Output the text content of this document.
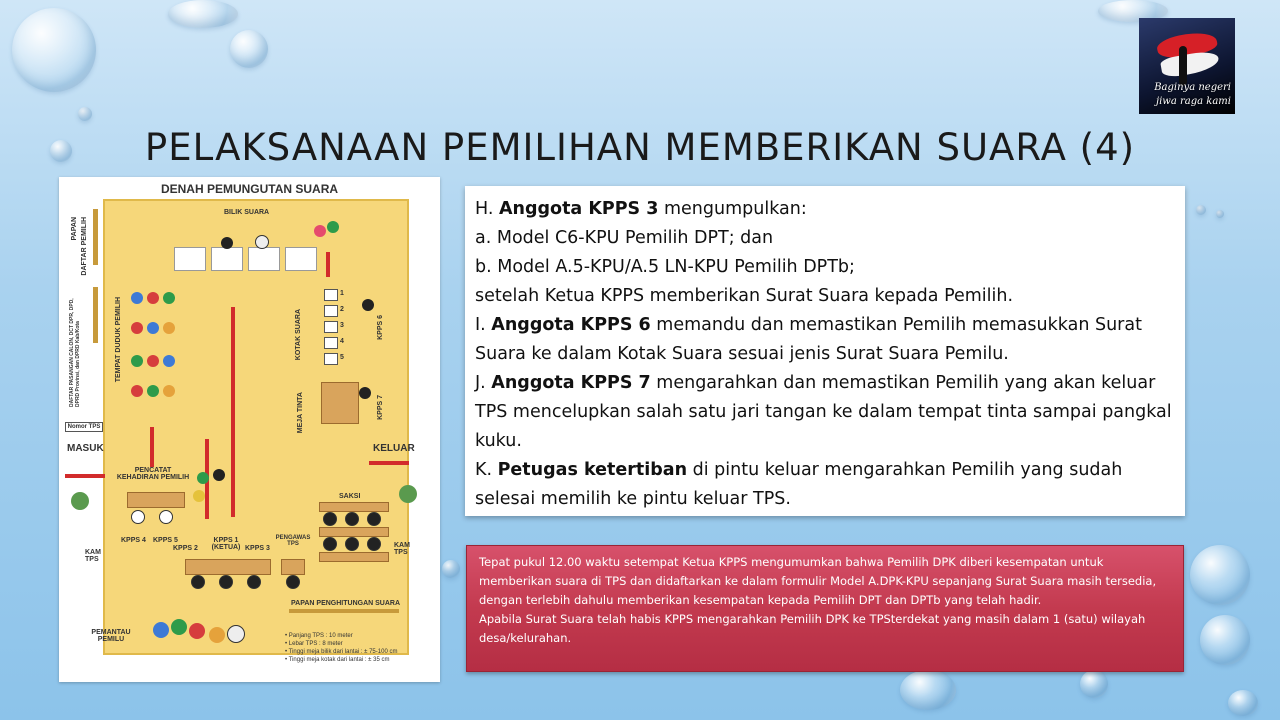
Baginya negeri
jiwa raga kami
PELAKSANAAN PEMILIHAN MEMBERIKAN SUARA (4)
DENAH PEMUNGUTAN SUARA
BILIK SUARA
PAPAN DAFTAR PEMILIH
DAFTAR PASANGAN CALON, DCT DPR, DPD, DPRD Provinsi, dan DPRD Kab/Kota	TEMPAT DUDUK PEMILIH
1
2
3
4
5
KOTAK SUARA	KPPS 6
KPPS 7
MEJA TINTA
Nomor TPS
MASUK	KELUAR
PENCATAT KEHADIRAN PEMILIH
KPPS 4 KPPS 5
KAM TPS
KAM TPS
SAKSI
KPPS 2
KPPS 1 (KETUA) KPPS 3
PENGAWAS TPS
PAPAN PENGHITUNGAN SUARA
PEMANTAU PEMILU	• Panjang TPS : 10 meter
• Lebar TPS : 8 meter
• Tinggi meja bilik dari lantai : ± 75-100 cm
• Tinggi meja kotak dari lantai : ± 35 cm

H. Anggota KPPS 3 mengumpulkan:

a. Model C6-KPU Pemilih DPT; dan

b. Model A.5-KPU/A.5 LN-KPU Pemilih DPTb;

setelah Ketua KPPS memberikan Surat Suara kepada Pemilih.

I. Anggota KPPS 6 memandu dan memastikan Pemilih memasukkan Surat Suara ke dalam Kotak Suara sesuai jenis Surat Suara Pemilu.

J. Anggota KPPS 7 mengarahkan dan memastikan Pemilih yang akan keluar TPS mencelupkan salah satu jari tangan ke dalam tempat tinta sampai pangkal kuku.

K. Petugas ketertiban di pintu keluar mengarahkan Pemilih yang sudah selesai memilih ke pintu keluar TPS.

Tepat pukul 12.00 waktu setempat Ketua KPPS mengumumkan bahwa Pemilih DPK diberi kesempatan untuk memberikan suara di TPS dan didaftarkan ke dalam formulir Model A.DPK-KPU sepanjang Surat Suara masih tersedia, dengan terlebih dahulu memberikan kesempatan kepada Pemilih DPT dan DPTb yang telah hadir.

Apabila Surat Suara telah habis KPPS mengarahkan Pemilih DPK ke TPSterdekat yang masih dalam 1 (satu) wilayah desa/kelurahan.
